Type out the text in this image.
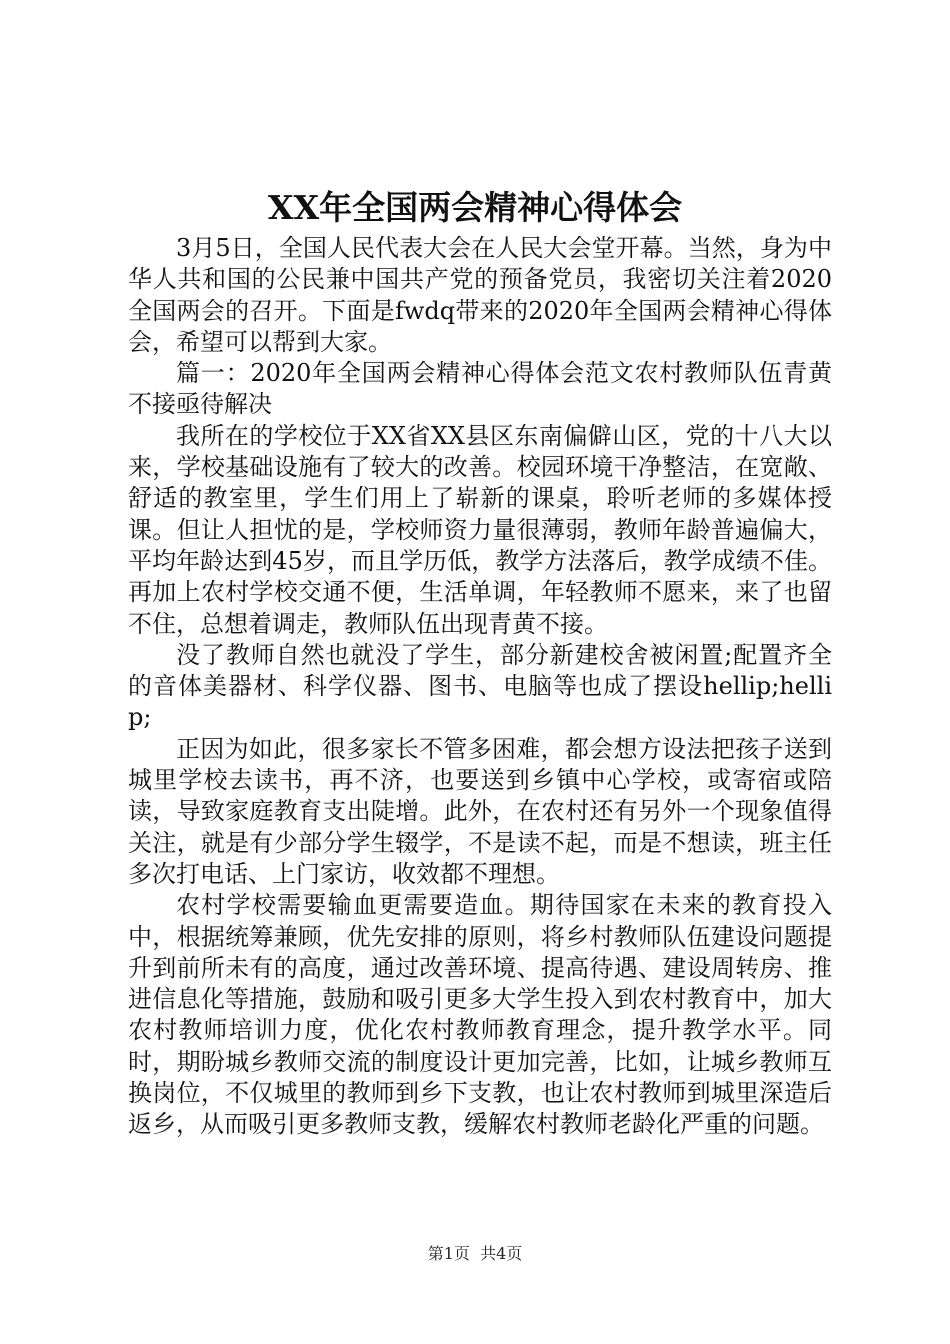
XX年全国两会精神心得体会

3月5日，全国人民代表大会在人民大会堂开幕。当然，身为中华人共和国的公民兼中国共产党的预备党员，我密切关注着2020全国两会的召开。下面是fwdq带来的2020年全国两会精神心得体会，希望可以帮到大家。

篇一：2020年全国两会精神心得体会范文农村教师队伍青黄不接亟待解决

我所在的学校位于XX省XX县区东南偏僻山区，党的十八大以来，学校基础设施有了较大的改善。校园环境干净整洁，在宽敞、舒适的教室里，学生们用上了崭新的课桌，聆听老师的多媒体授课。但让人担忧的是，学校师资力量很薄弱，教师年龄普遍偏大，平均年龄达到45岁，而且学历低，教学方法落后，教学成绩不佳。再加上农村学校交通不便，生活单调，年轻教师不愿来，来了也留不住，总想着调走，教师队伍出现青黄不接。

没了教师自然也就没了学生，部分新建校舍被闲置;配置齐全的音体美器材、科学仪器、图书、电脑等也成了摆设hellip;hellip;

正因为如此，很多家长不管多困难，都会想方设法把孩子送到城里学校去读书，再不济，也要送到乡镇中心学校，或寄宿或陪读，导致家庭教育支出陡增。此外，在农村还有另外一个现象值得关注，就是有少部分学生辍学，不是读不起，而是不想读，班主任多次打电话、上门家访，收效都不理想。

农村学校需要输血更需要造血。期待国家在未来的教育投入中，根据统筹兼顾，优先安排的原则，将乡村教师队伍建设问题提升到前所未有的高度，通过改善环境、提高待遇、建设周转房、推进信息化等措施，鼓励和吸引更多大学生投入到农村教育中，加大农村教师培训力度，优化农村教师教育理念，提升教学水平。同时，期盼城乡教师交流的制度设计更加完善，比如，让城乡教师互换岗位，不仅城里的教师到乡下支教，也让农村教师到城里深造后返乡，从而吸引更多教师支教，缓解农村教师老龄化严重的问题。

第1页 共4页
